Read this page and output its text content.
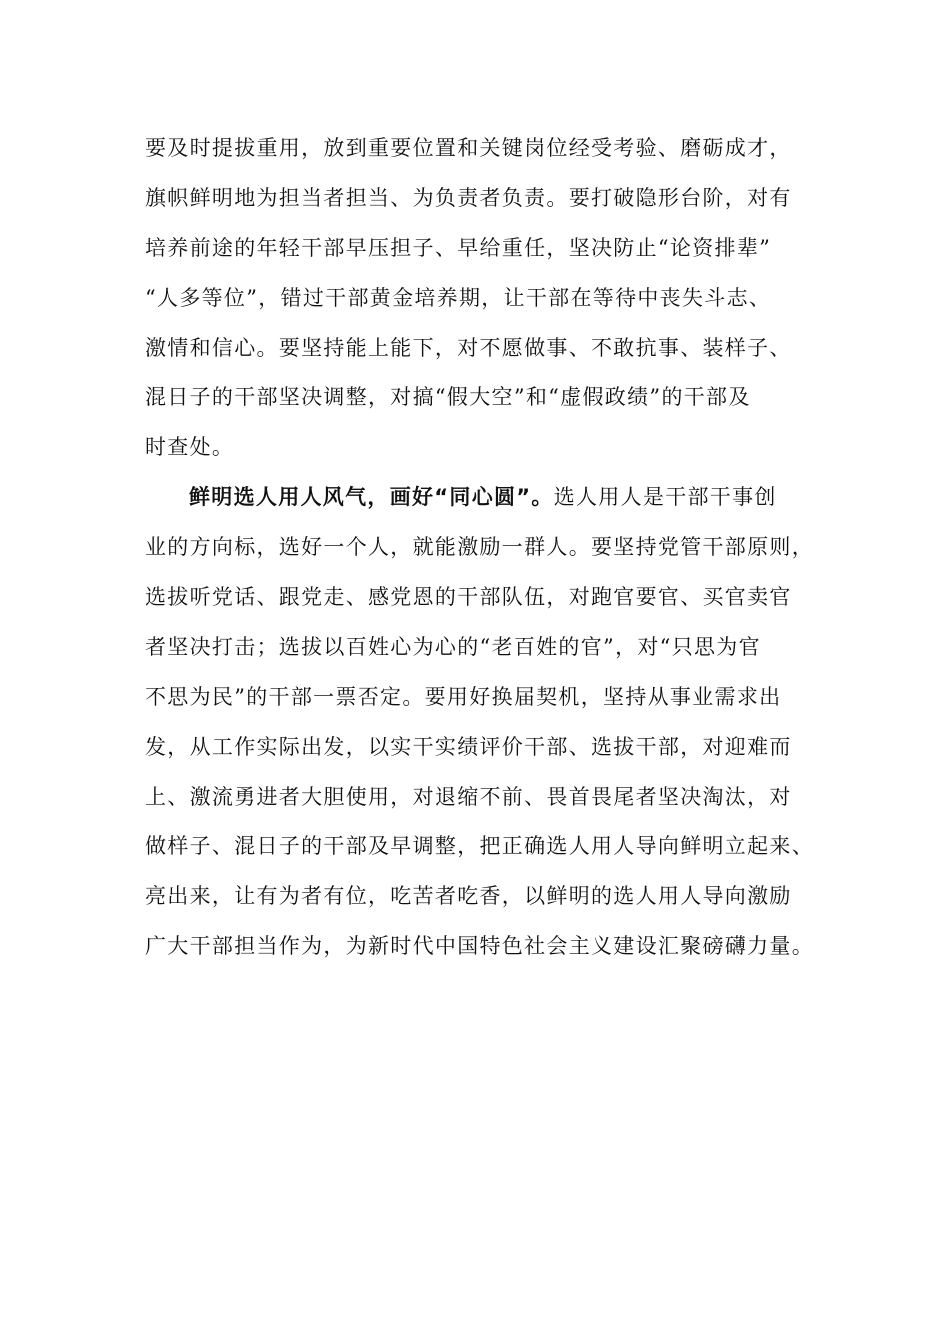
要及时提拔重用，放到重要位置和关键岗位经受考验、磨砺成才，
旗帜鲜明地为担当者担当、为负责者负责。要打破隐形台阶，对有
培养前途的年轻干部早压担子、早给重任，坚决防止“论资排辈”
“人多等位”，错过干部黄金培养期，让干部在等待中丧失斗志、
激情和信心。要坚持能上能下，对不愿做事、不敢抗事、装样子、
混日子的干部坚决调整，对搞“假大空”和“虚假政绩”的干部及
时查处。
鲜明选人用人风气，画好“同心圆”。选人用人是干部干事创
业的方向标，选好一个人，就能激励一群人。要坚持党管干部原则，
选拔听党话、跟党走、感党恩的干部队伍，对跑官要官、买官卖官
者坚决打击；选拔以百姓心为心的“老百姓的官”，对“只思为官
不思为民”的干部一票否定。要用好换届契机，坚持从事业需求出
发，从工作实际出发，以实干实绩评价干部、选拔干部，对迎难而
上、激流勇进者大胆使用，对退缩不前、畏首畏尾者坚决淘汰，对
做样子、混日子的干部及早调整，把正确选人用人导向鲜明立起来、
亮出来，让有为者有位，吃苦者吃香，以鲜明的选人用人导向激励
广大干部担当作为，为新时代中国特色社会主义建设汇聚磅礴力量。
